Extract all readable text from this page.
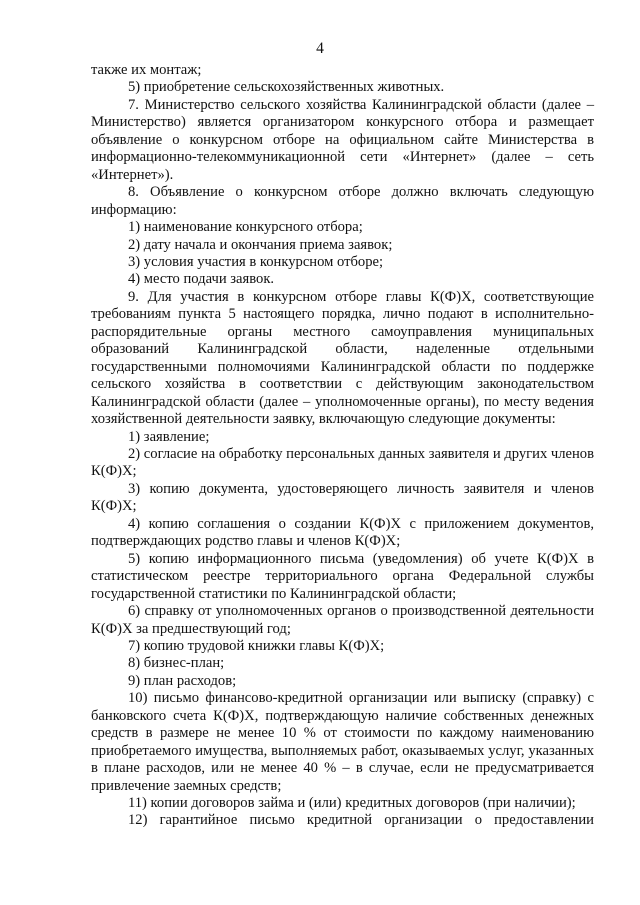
4

также их монтаж;

5) приобретение сельскохозяйственных животных.

7. Министерство сельского хозяйства Калининградской области (далее – Министерство) является организатором конкурсного отбора и размещает объявление о конкурсном отборе на официальном сайте Министерства в информационно-телекоммуникационной сети «Интернет» (далее – сеть «Интернет»).

8. Объявление о конкурсном отборе должно включать следующую информацию:

1) наименование конкурсного отбора;

2) дату начала и окончания приема заявок;

3) условия участия в конкурсном отборе;

4) место подачи заявок.

9. Для участия в конкурсном отборе главы К(Ф)Х, соответствующие требованиям пункта 5 настоящего порядка, лично подают в исполнительно-распорядительные органы местного самоуправления муниципальных образований Калининградской области, наделенные отдельными государственными полномочиями Калининградской области по поддержке сельского хозяйства в соответствии с действующим законодательством Калининградской области (далее – уполномоченные органы), по месту ведения хозяйственной деятельности заявку, включающую следующие документы:

1) заявление;

2) согласие на обработку персональных данных заявителя и других членов К(Ф)Х;

3) копию документа, удостоверяющего личность заявителя и членов К(Ф)Х;

4) копию соглашения о создании К(Ф)Х с приложением документов, подтверждающих родство главы и членов К(Ф)Х;

5) копию информационного письма (уведомления) об учете К(Ф)Х в статистическом реестре территориального органа Федеральной службы государственной статистики по Калининградской области;

6) справку от уполномоченных органов о производственной деятельности К(Ф)Х за предшествующий год;

7) копию трудовой книжки главы К(Ф)Х;

8) бизнес-план;

9) план расходов;

10) письмо финансово-кредитной организации или выписку (справку) с банковского счета К(Ф)Х, подтверждающую наличие собственных денежных средств в размере не менее 10 % от стоимости по каждому наименованию приобретаемого имущества, выполняемых работ, оказываемых услуг, указанных в плане расходов, или не менее 40 % – в случае, если не предусматривается привлечение заемных средств;

11) копии договоров займа и (или) кредитных договоров (при наличии);

12) гарантийное письмо кредитной организации о предоставлении
